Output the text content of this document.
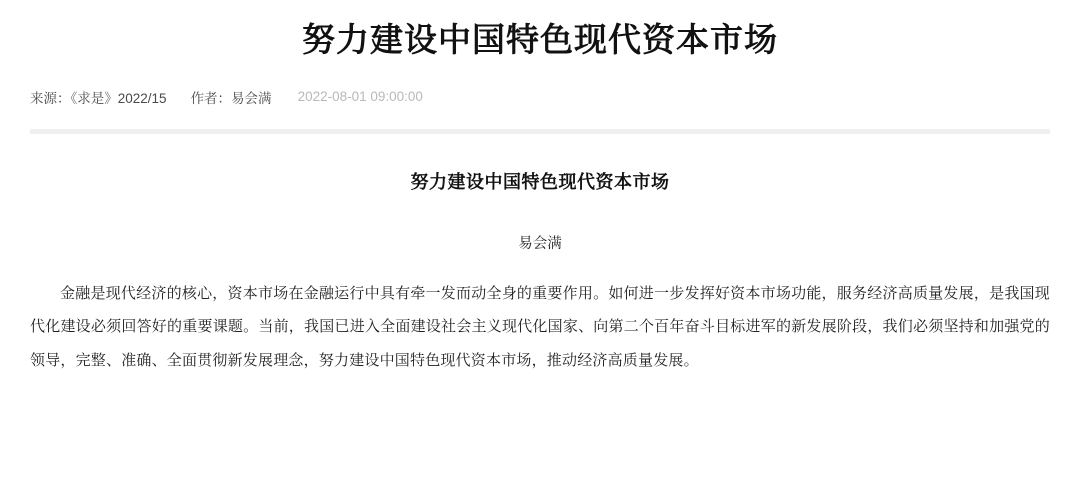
努力建设中国特色现代资本市场
来源：《求是》2022/15 作者：易会满 2022-08-01 09:00:00
努力建设中国特色现代资本市场
易会满

金融是现代经济的核心，资本市场在金融运行中具有牵一发而动全身的重要作用。如何进一步发挥好资本市场功能，服务经济高质量发展，是我国现代化建设必须回答好的重要课题。当前，我国已进入全面建设社会主义现代化国家、向第二个百年奋斗目标进军的新发展阶段，我们必须坚持和加强党的领导，完整、准确、全面贯彻新发展理念，努力建设中国特色现代资本市场，推动经济高质量发展。
